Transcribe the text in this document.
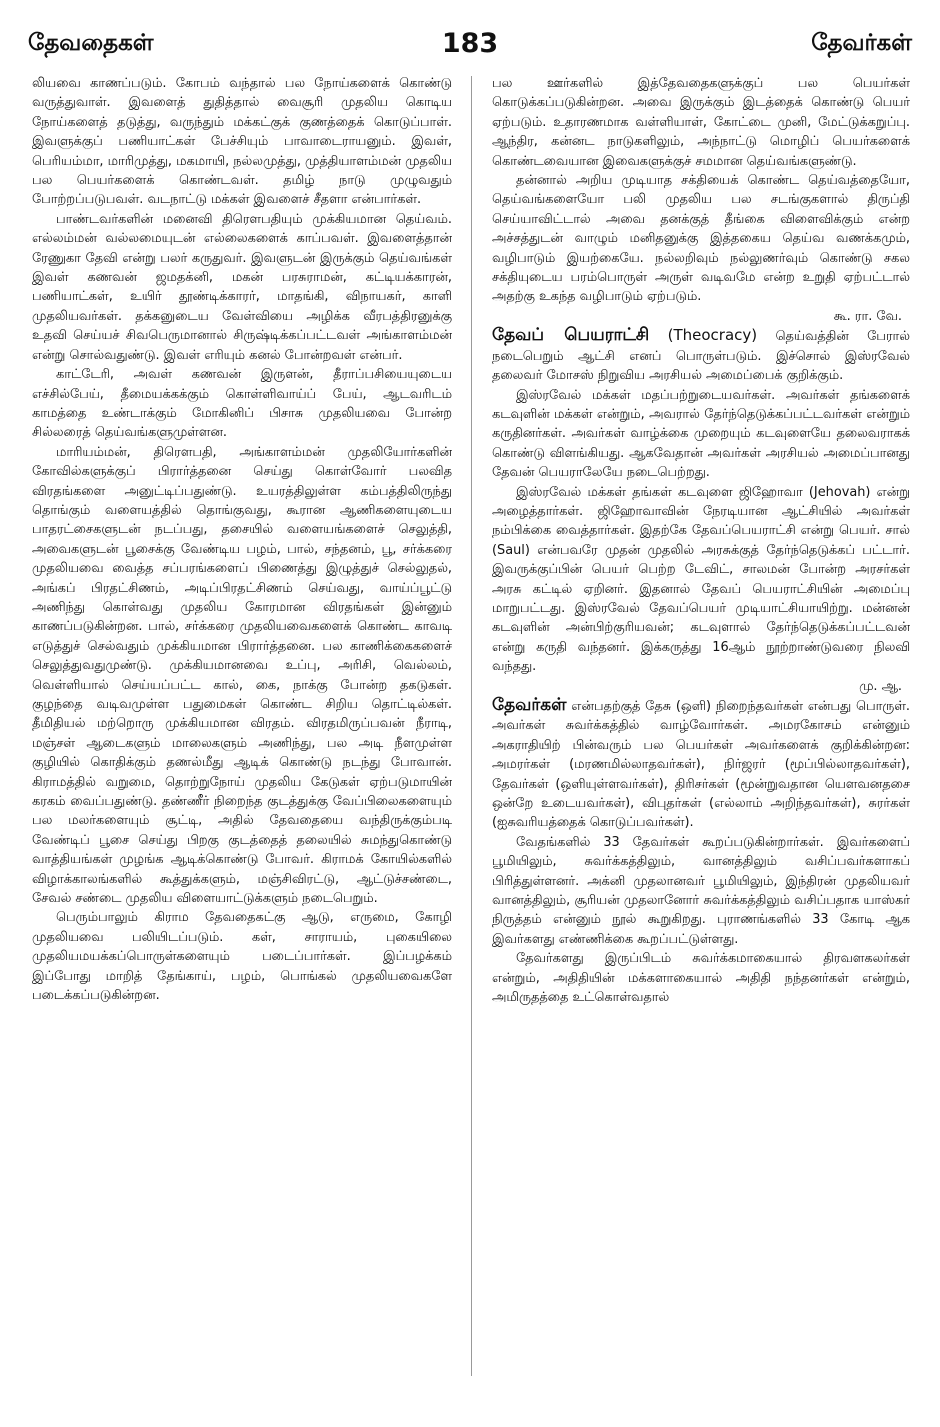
தேவதைகள்	183	தேவர்கள்

லியவை காணப்படும். கோபம் வந்தால் பல நோய்களைக் கொண்டு வருத்துவாள். இவளைத் துதித்தால் வைசூரி முதலிய கொடிய நோய்களைத் தடுத்து, வருந்தும் மக்கட்குக் குணத்தைக் கொடுப்பாள். இவளுக்குப் பணியாட்கள் பேச்சியும் பாவாடைராயனும். இவள், பெரியம்மா, மாரிமுத்து, மகமாயி, நல்லமுத்து, முத்தியாளம்மன் முதலிய பல பெயர்களைக் கொண்டவள். தமிழ் நாடு முழுவதும் போற்றப்படுபவள். வடநாட்டு மக்கள் இவளைச் சீதளா என்பார்கள்.

பாண்டவர்களின் மனைவி திரௌபதியும் முக்கியமான தெய்வம். எல்லம்மன் வல்லமையுடன் எல்லைகளைக் காப்பவள். இவளைத்தான் ரேணுகா தேவி என்று பலர் கருதுவர். இவளுடன் இருக்கும் தெய்வங்கள் இவள் கணவன் ஜமதக்னி, மகன் பரசுராமன், கட்டியக்காரன், பணியாட்கள், உயிர் தூண்டிக்காரர், மாதங்கி, விநாயகர், காளி முதலியவர்கள். தக்கனுடைய வேள்வியை அழிக்க வீரபத்திரனுக்கு உதவி செய்யச் சிவபெருமானால் சிருஷ்டிக்கப்பட்டவள் அங்காளம்மன் என்று சொல்வதுண்டு. இவள் எரியும் கனல் போன்றவள் என்பர்.

காட்டேரி, அவள் கணவன் இருளன், தீராப்பசியையுடைய எச்சில்பேய், தீமையக்கக்கும் கொள்ளிவாய்ப் பேய், ஆடவரிடம் காமத்தை உண்டாக்கும் மோகினிப் பிசாசு முதலியவை போன்ற சில்லரைத் தெய்வங்களுமுள்ளன.

மாரியம்மன், திரௌபதி, அங்காளம்மன் முதலியோர்களின் கோவில்களுக்குப் பிரார்த்தனை செய்து கொள்வோர் பலவித விரதங்களை அனுட்டிப்பதுண்டு. உயரத்திலுள்ள கம்பத்திலிருந்து தொங்கும் வளையத்தில் தொங்குவது, கூரான ஆணிகளையுடைய பாதரட்சைகளுடன் நடப்பது, தசையில் வளையங்களைச் செலுத்தி, அவைகளுடன் பூசைக்கு வேண்டிய பழம், பால், சந்தனம், பூ, சர்க்கரை முதலியவை வைத்த சப்பரங்களைப் பிணைத்து இழுத்துச் செல்லுதல், அங்கப் பிரதட்சிணம், அடிப்பிரதட்சிணம் செய்வது, வாய்ப்பூட்டு அணிந்து கொள்வது முதலிய கோரமான விரதங்கள் இன்னும் காணப்படுகின்றன. பால், சர்க்கரை முதலியவைகளைக் கொண்ட காவடி எடுத்துச் செல்வதும் முக்கியமான பிரார்த்தனை. பல காணிக்கைகளைச் செலுத்துவதுமுண்டு. முக்கியமானவை உப்பு, அரிசி, வெல்லம், வெள்ளியால் செய்யப்பட்ட கால், கை, நாக்கு போன்ற தகடுகள். குழந்தை வடிவமுள்ள பதுமைகள் கொண்ட சிறிய தொட்டில்கள். தீமிதியல் மற்றொரு முக்கியமான விரதம். விரதமிருப்பவன் நீராடி, மஞ்சள் ஆடைகளும் மாலைகளும் அணிந்து, பல அடி நீளமுள்ள குழியில் கொதிக்கும் தணல்மீது ஆடிக் கொண்டு நடந்து போவான். கிராமத்தில் வறுமை, தொற்றுநோய் முதலிய கேடுகள் ஏற்படுமாயின் கரகம் வைப்பதுண்டு. தண்ணீர் நிறைந்த குடத்துக்கு வேப்பிலைகளையும் பல மலர்களையும் சூட்டி, அதில் தேவதையை வந்திருக்கும்படி வேண்டிப் பூசை செய்து பிறகு குடத்தைத் தலையில் சுமந்துகொண்டு வாத்தியங்கள் முழங்க ஆடிக்கொண்டு போவர். கிராமக் கோயில்களில் விழாக்காலங்களில் கூத்துக்களும், மஞ்சிவிரட்டு, ஆட்டுச்சண்டை, சேவல் சண்டை முதலிய விளையாட்டுக்களும் நடைபெறும்.

பெரும்பாலும் கிராம தேவதைகட்கு ஆடு, எருமை, கோழி முதலியவை பலியிடப்படும். கள், சாராயம், புகையிலை முதலியமயக்கப்பொருள்களையும் படைப்பார்கள். இப்பழக்கம் இப்போது மாறித் தேங்காய், பழம், பொங்கல் முதலியவைகளே படைக்கப்படுகின்றன.

பல ஊர்களில் இத்தேவதைகளுக்குப் பல பெயர்கள் கொடுக்கப்படுகின்றன. அவை இருக்கும் இடத்தைக் கொண்டு பெயர் ஏற்படும். உதாரணமாக வள்ளியாள், கோட்டை முனி, மேட்டுக்கறுப்பு. ஆந்திர, கன்னட நாடுகளிலும், அந்நாட்டு மொழிப் பெயர்களைக் கொண்டவையான இவைகளுக்குச் சமமான தெய்வங்களுண்டு.

தன்னால் அறிய முடியாத சக்தியைக் கொண்ட தெய்வத்தையோ, தெய்வங்களையோ பலி முதலிய பல சடங்குகளால் திருப்தி செய்யாவிட்டால் அவை தனக்குத் தீங்கை விளைவிக்கும் என்ற அச்சத்துடன் வாழும் மனிதனுக்கு இத்தகைய தெய்வ வணக்கமும், வழிபாடும் இயற்கையே. நல்லறிவும் நல்லுணர்வும் கொண்டு சகல சக்தியுடைய பரம்பொருள் அருள் வடிவமே என்ற உறுதி ஏற்பட்டால் அதற்கு உகந்த வழிபாடும் ஏற்படும்.

கூ. ரா. வே.

தேவப் பெயராட்சி (Theocracy) தெய்வத்தின் பேரால் நடைபெறும் ஆட்சி எனப் பொருள்படும். இச்சொல் இஸ்ரவேல் தலைவர் மோசஸ் நிறுவிய அரசியல் அமைப்பைக் குறிக்கும்.

இஸ்ரவேல் மக்கள் மதப்பற்றுடையவர்கள். அவர்கள் தங்களைக் கடவுளின் மக்கள் என்றும், அவரால் தேர்ந்தெடுக்கப்பட்டவர்கள் என்றும் கருதினர்கள். அவர்கள் வாழ்க்கை முறையும் கடவுளையே தலைவராகக் கொண்டு விளங்கியது. ஆகவேதான் அவர்கள் அரசியல் அமைப்பானது தேவன் பெயராலேயே நடைபெற்றது.

இஸ்ரவேல் மக்கள் தங்கள் கடவுளை ஜிஹோவா (Jehovah) என்று அழைத்தார்கள். ஜிஹோவாவின் நேரடியான ஆட்சியில் அவர்கள் நம்பிக்கை வைத்தார்கள். இதற்கே தேவப்பெயராட்சி என்று பெயர். சால் (Saul) என்பவரே முதன் முதலில் அரசுக்குத் தேர்ந்தெடுக்கப் பட்டார். இவருக்குப்பின் பெயர் பெற்ற டேவிட், சாலமன் போன்ற அரசர்கள் அரசு கட்டில் ஏறினர். இதனால் தேவப் பெயராட்சியின் அமைப்பு மாறுபட்டது. இஸ்ரவேல் தேவப்பெயர் முடியாட்சியாயிற்று. மன்னன் கடவுளின் அன்பிற்குரியவன்; கடவுளால் தேர்ந்தெடுக்கப்பட்டவன் என்று கருதி வந்தனர். இக்கருத்து 16ஆம் நூற்றாண்டுவரை நிலவி வந்தது.

மு. ஆ.

தேவர்கள் என்பதற்குத் தேசு (ஒளி) நிறைந்தவர்கள் என்பது பொருள். அவர்கள் சுவர்க்கத்தில் வாழ்வோர்கள். அமரகோசம் என்னும் அகராதியிற் பின்வரும் பல பெயர்கள் அவர்களைக் குறிக்கின்றன: அமரர்கள் (மரணமில்லாதவர்கள்), நிர்ஜரர் (மூப்பில்லாதவர்கள்), தேவர்கள் (ஒளியுள்ளவர்கள்), திரிசர்கள் (மூன்றுவதான யௌவனதசை ஒன்றே உடையவர்கள்), விபுதர்கள் (எல்லாம் அறிந்தவர்கள்), சுரர்கள் (ஐசுவரியத்தைக் கொடுப்பவர்கள்).

வேதங்களில் 33 தேவர்கள் கூறப்படுகின்றார்கள். இவர்களைப் பூமியிலும், சுவர்க்கத்திலும், வானத்திலும் வசிப்பவர்களாகப் பிரித்துள்ளனர். அக்னி முதலானவர் பூமியிலும், இந்திரன் முதலியவர் வானத்திலும், சூரியன் முதலானோர் சுவர்க்கத்திலும் வசிப்பதாக யாஸ்கர் நிருத்தம் என்னும் நூல் கூறுகிறது. புராணங்களில் 33 கோடி ஆக இவர்களது எண்ணிக்கை கூறப்பட்டுள்ளது.

தேவர்களது இருப்பிடம் சுவர்க்கமாகையால் திரவளகலர்கள் என்றும், அதிதியின் மக்களாகையால் அதிதி நந்தனர்கள் என்றும், அமிருதத்தை உட்கொள்வதால்
